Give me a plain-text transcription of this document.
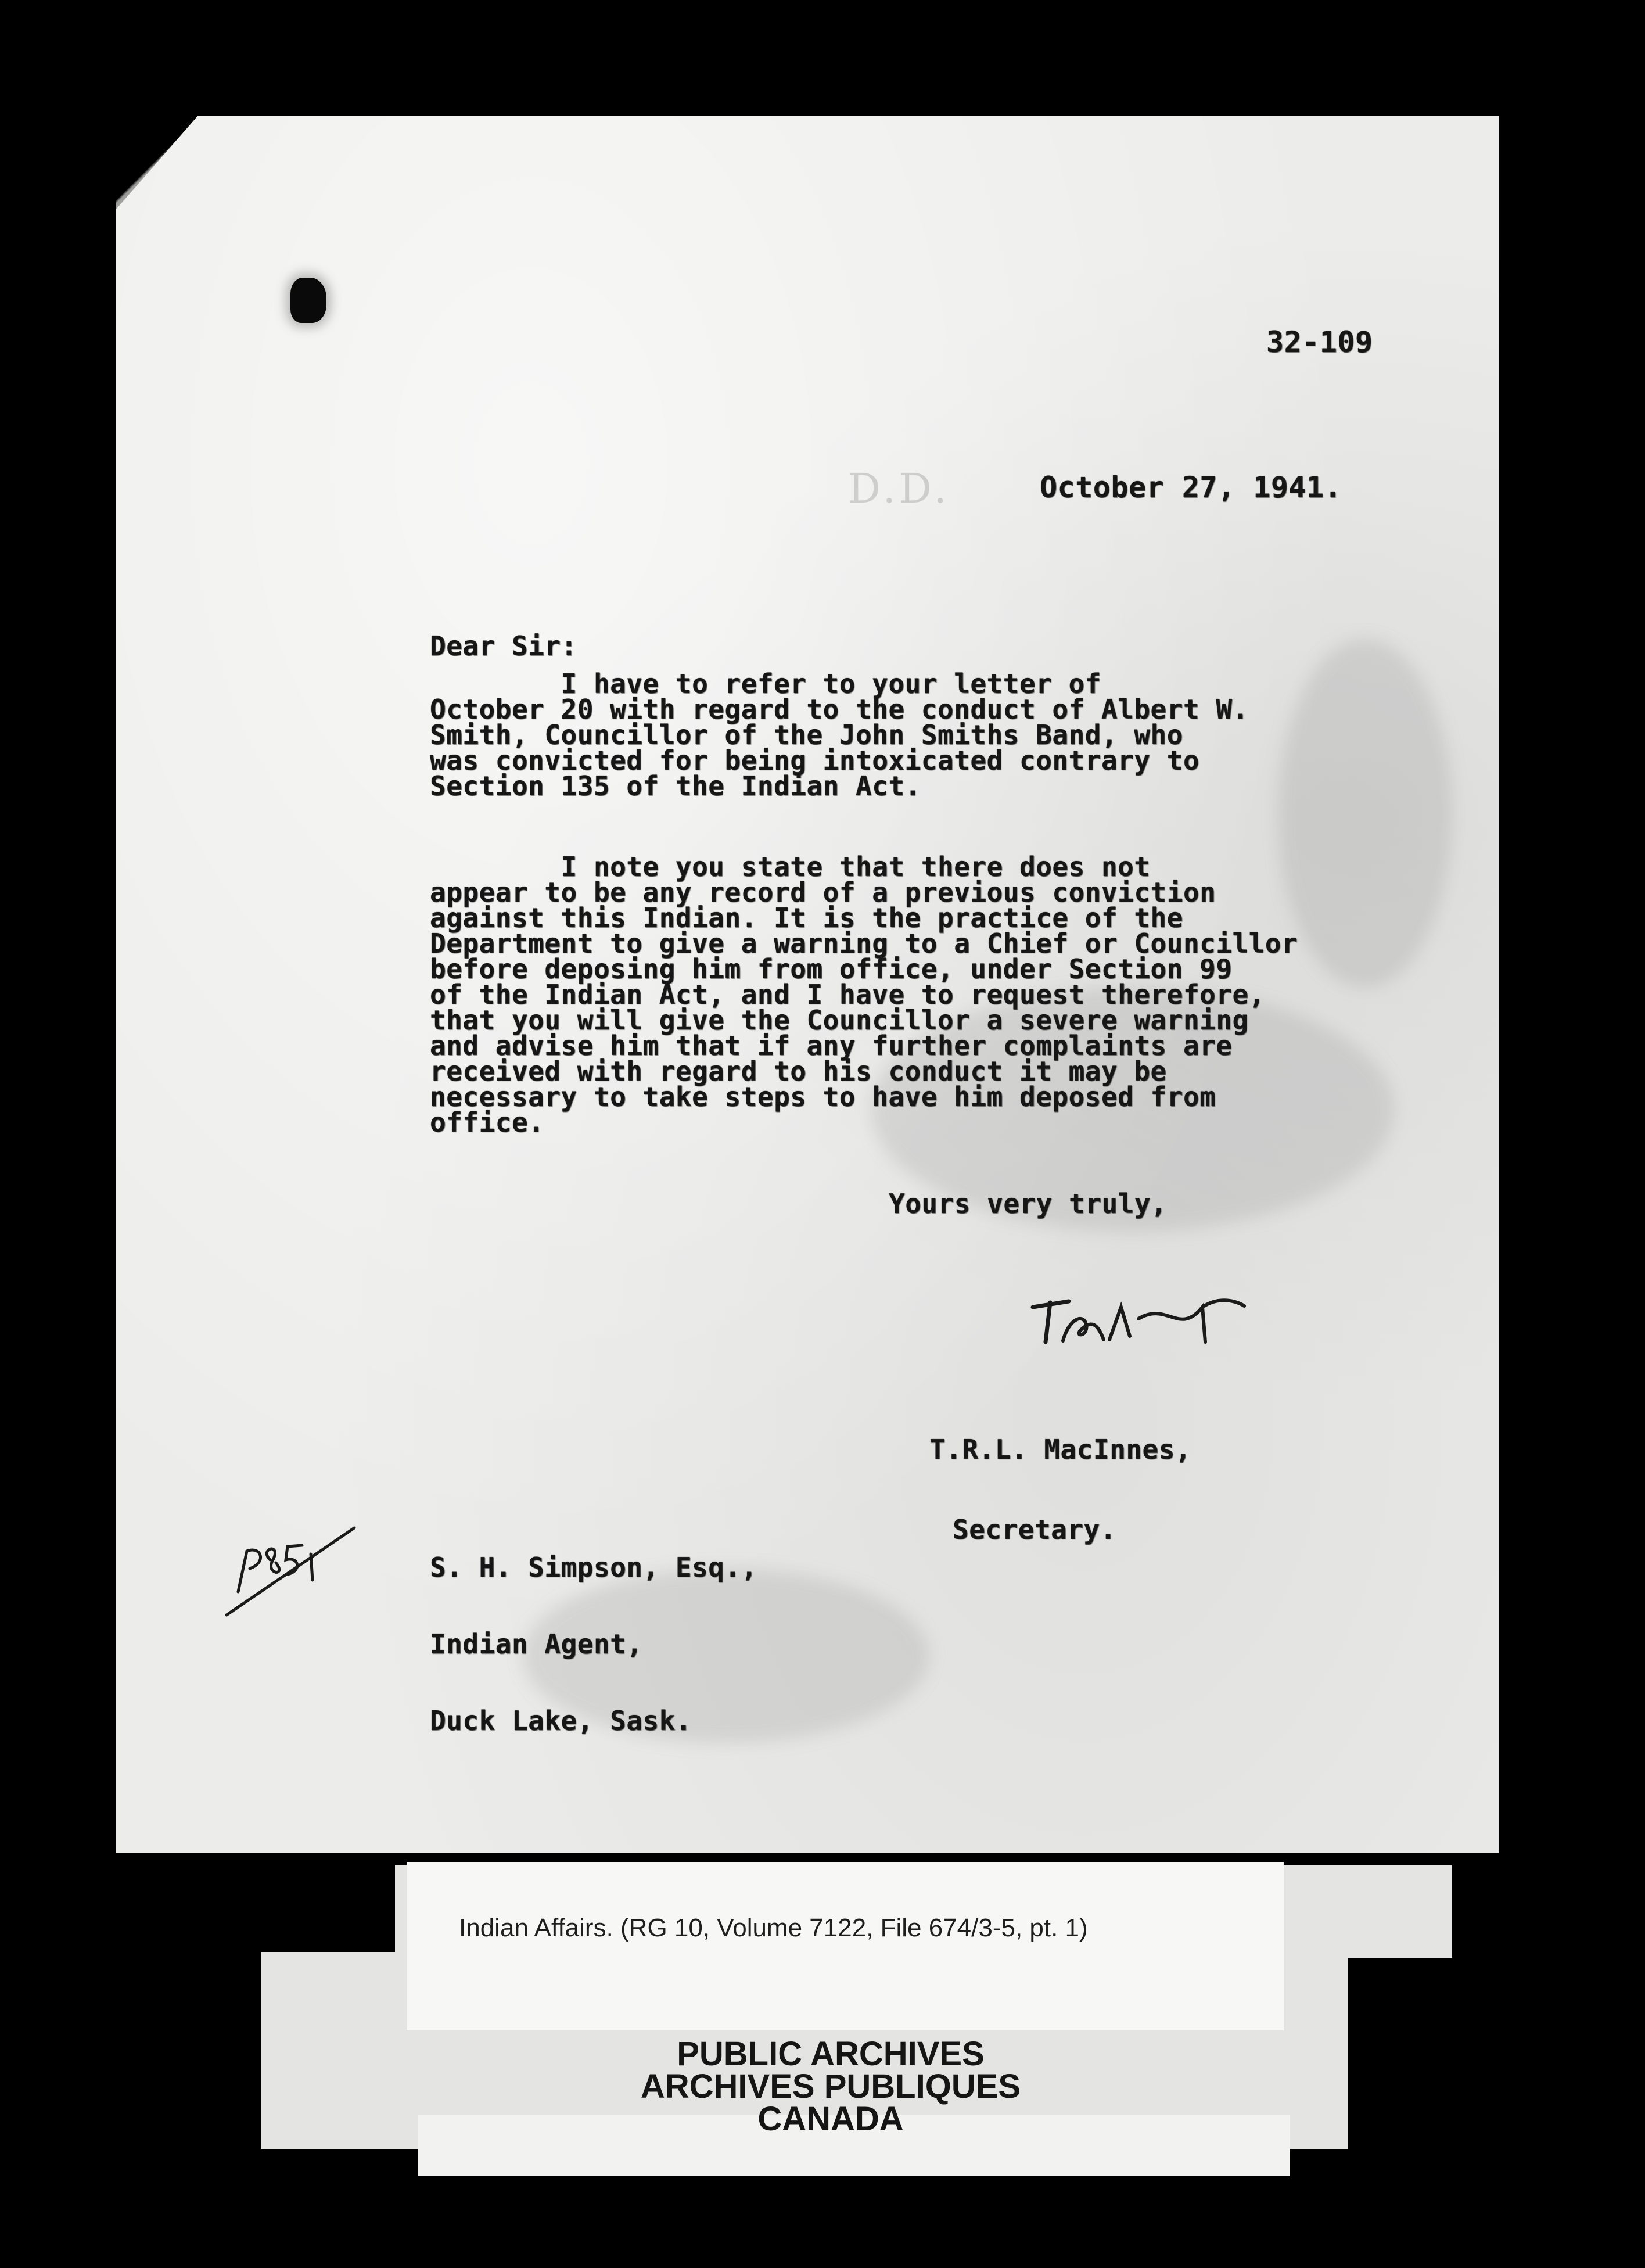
D.D.

32-109

October 27, 1941.

Dear Sir:

I have to refer to your letter of
October 20 with regard to the conduct of Albert W.
Smith, Councillor of the John Smiths Band, who
was convicted for being intoxicated contrary to
Section 135 of the Indian Act.

I note you state that there does not
appear to be any record of a previous conviction
against this Indian. It is the practice of the
Department to give a warning to a Chief or Councillor
before deposing him from office, under Section 99
of the Indian Act, and I have to request therefore,
that you will give the Councillor a severe warning
and advise him that if any further complaints are
received with regard to his conduct it may be
necessary to take steps to have him deposed from
office.

Yours very truly,

T.R.L. MacInnes,

Secretary.

S. H. Simpson, Esq.,

Indian Agent,

Duck Lake, Sask.

Indian Affairs. (RG 10, Volume 7122, File 674/3-5, pt. 1)

PUBLIC ARCHIVES
ARCHIVES PUBLIQUES
CANADA
